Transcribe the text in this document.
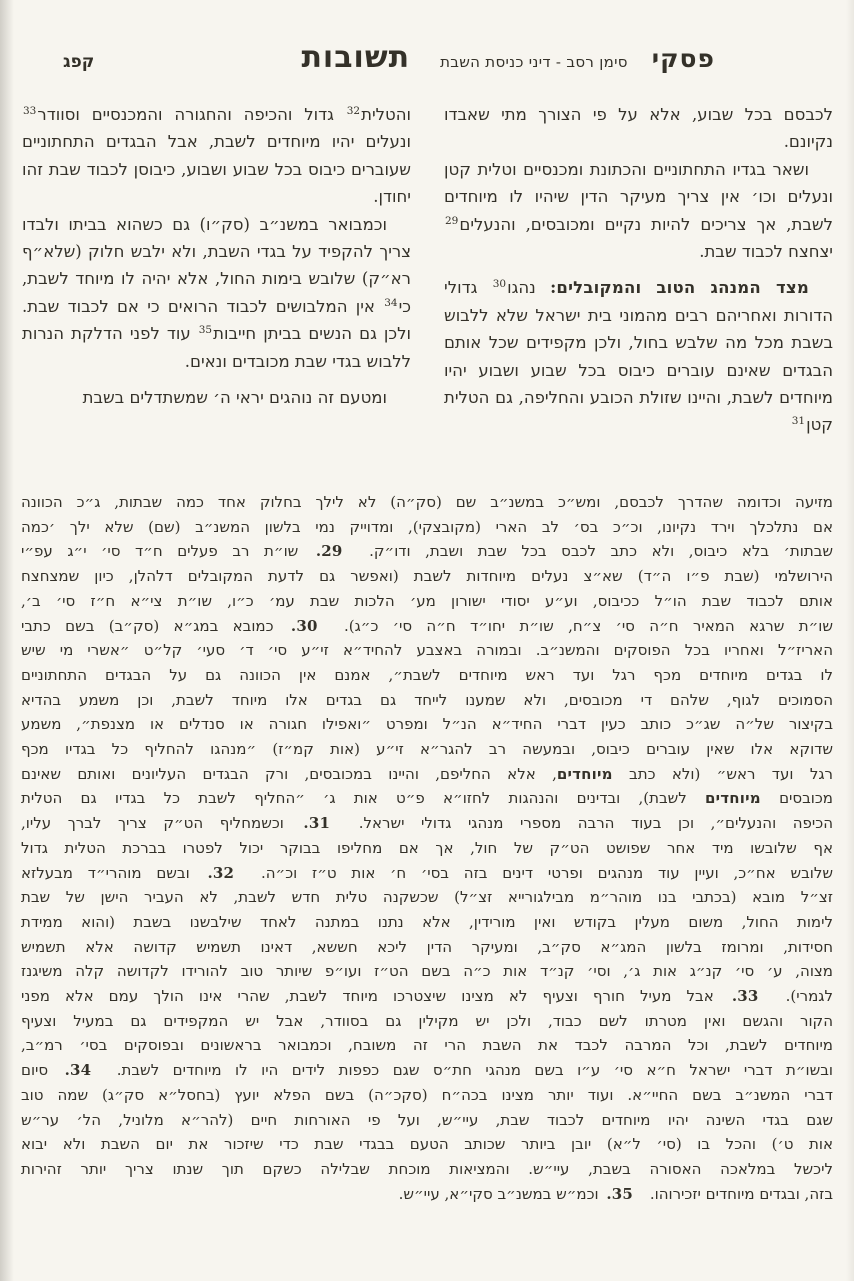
פסקי
סימן רסב - דיני כניסת השבת
תשובות
קפג

לכבסם בכל שבוע, אלא על פי הצורך מתי שאבדו נקיונם.

ושאר בגדיו התחתוניים והכתונת ומכנסיים וטלית קטן ונעלים וכו׳ אין צריך מעיקר הדין שיהיו לו מיוחדים לשבת, אך צריכים להיות נקיים ומכובסים, והנעלים$^{29}$ יצחצח לכבוד שבת.

מצד המנהג הטוב והמקובלים: נהגו$^{30}$ גדולי הדורות ואחריהם רבים מהמוני בית ישראל שלא ללבוש בשבת מכל מה שלבש בחול, ולכן מקפידים שכל אותם הבגדים שאינם עוברים כיבוס בכל שבוע ושבוע יהיו מיוחדים לשבת, והיינו שזולת הכובע והחליפה, גם הטלית קטן$^{31}$

והטלית$^{32}$ גדול והכיפה והחגורה והמכנסיים וסוודר$^{33}$ ונעלים יהיו מיוחדים לשבת, אבל הבגדים התחתוניים שעוברים כיבוס בכל שבוע ושבוע, כיבוסן לכבוד שבת זהו יחודן.

וכמבואר במשנ״ב (סק״ו) גם כשהוא בביתו ולבדו צריך להקפיד על בגדי השבת, ולא ילבש חלוק (שלא״ף רא״ק) שלובש בימות החול, אלא יהיה לו מיוחד לשבת, כי$^{34}$ אין המלבושים לכבוד הרואים כי אם לכבוד שבת. ולכן גם הנשים בביתן חייבות$^{35}$ עוד לפני הדלקת הנרות ללבוש בגדי שבת מכובדים ונאים.

ומטעם זה נוהגים יראי ה׳ שמשתדלים בשבת

מזיעה וכדומה שהדרך לכבסם, ומש״כ במשנ״ב שם (סק״ה) לא לילך בחלוק אחד כמה שבתות, ג״כ הכוונה
אם נתלכלך וירד נקיונו, וכ״כ בס׳ לב הארי (מקובצקי), ומדוייק נמי בלשון המשנ״ב (שם) שלא ילך ׳כמה
שבתות׳ בלא כיבוס, ולא כתב לכבס בכל שבת ושבת, ודו״ק. 29. שו״ת רב פעלים ח״ד סי׳ י״ג עפ״י
הירושלמי (שבת פ״ו ה״ד) שא״צ נעלים מיוחדות לשבת (ואפשר גם לדעת המקובלים דלהלן, כיון שמצחצח
אותם לכבוד שבת הו״ל ככיבוס, וע״ע יסודי ישורון מע׳ הלכות שבת עמ׳ כ״ו, שו״ת צי״א ח״ז סי׳ ב׳,
שו״ת שרגא המאיר ח״ה סי׳ צ״ח, שו״ת יחו״ד ח״ה סי׳ כ״ג). 30. כמובא במג״א (סק״ב) בשם כתבי
האריז״ל ואחריו בכל הפוסקים והמשנ״ב. ובמורה באצבע להחיד״א זי״ע סי׳ ד׳ סעי׳ קל״ט ״אשרי מי שיש
לו בגדים מיוחדים מכף רגל ועד ראש מיוחדים לשבת״, אמנם אין הכוונה גם על הבגדים התחתוניים
הסמוכים לגוף, שלהם די מכובסים, ולא שמענו לייחד גם בגדים אלו מיוחד לשבת, וכן משמע בהדיא
בקיצור של״ה שג״כ כותב כעין דברי החיד״א הנ״ל ומפרט ״ואפילו חגורה או סנדלים או מצנפת״, משמע
שדוקא אלו שאין עוברים כיבוס, ובמעשה רב להגר״א זי״ע (אות קמ״ז) ״מנהגו להחליף כל בגדיו מכף
רגל ועד ראש״ (ולא כתב מיוחדים, אלא החליפם, והיינו במכובסים, ורק הבגדים העליונים ואותם שאינם
מכובסים מיוחדים לשבת), ובדינים והנהגות לחזו״א פ״ט אות ג׳ ״החליף לשבת כל בגדיו גם הטלית
הכיפה והנעלים״, וכן בעוד הרבה מספרי מנהגי גדולי ישראל. 31. וכשמחליף הט״ק צריך לברך עליו,
אף שלובשו מיד אחר שפושט הט״ק של חול, אך אם מחליפו בבוקר יכול לפטרו בברכת הטלית גדול
שלובש אח״כ, ועיין עוד מנהגים ופרטי דינים בזה בסי׳ ח׳ אות ט״ז וכ״ה. 32. ובשם מוהרי״ד מבעלזא
זצ״ל מובא (בכתבי בנו מוהר״מ מבילגורייא זצ״ל) שכשקנה טלית חדש לשבת, לא העביר הישן של שבת
לימות החול, משום מעלין בקודש ואין מורידין, אלא נתנו במתנה לאחד שילבשנו בשבת (והוא ממידת
חסידות, ומרומז בלשון המג״א סק״ב, ומעיקר הדין ליכא חששא, דאינו תשמיש קדושה אלא תשמיש
מצוה, ע׳ סי׳ קנ״ג אות ג׳, וסי׳ קנ״ד אות כ״ה בשם הט״ז ועו״פ שיותר טוב להורידו לקדושה קלה משיגנז
לגמרי). 33. אבל מעיל חורף וצעיף לא מצינו שיצטרכו מיוחד לשבת, שהרי אינו הולך עמם אלא מפני
הקור והגשם ואין מטרתו לשם כבוד, ולכן יש מקילין גם בסוודר, אבל יש המקפידים גם במעיל וצעיף
מיוחדים לשבת, וכל המרבה לכבד את השבת הרי זה משובח, וכמבואר בראשונים ובפוסקים בסי׳ רמ״ב,
ובשו״ת דברי ישראל ח״א סי׳ ע״ו בשם מנהגי חת״ס שגם כפפות לידים היו לו מיוחדים לשבת. 34. סיום
דברי המשנ״ב בשם החיי״א. ועוד יותר מצינו בכה״ח (סקכ״ה) בשם הפלא יועץ (בחסל״א סק״ג) שמה טוב
שגם בגדי השינה יהיו מיוחדים לכבוד שבת, עיי״ש, ועל פי האורחות חיים (להר״א מלוניל, הל׳ ער״ש
אות ט׳) והכל בו (סי׳ ל״א) יובן ביותר שכותב הטעם בבגדי שבת כדי שיזכור את יום השבת ולא יבוא
ליכשל במלאכה האסורה בשבת, עיי״ש. והמציאות מוכחת שבלילה כשקם תוך שנתו צריך יותר זהירות
בזה, ובגדים מיוחדים יזכירוהו. 35. וכמ״ש במשנ״ב סקי״א, עיי״ש.
